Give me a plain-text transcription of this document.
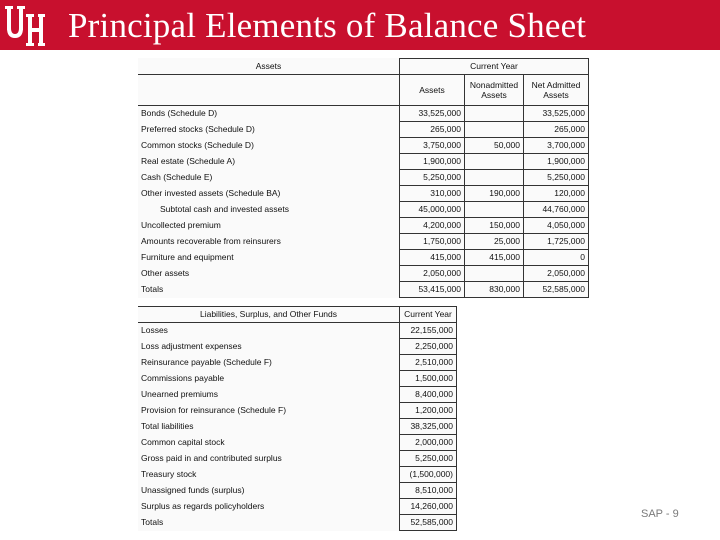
Principal Elements of Balance Sheet
Assets	Current Year		
	Assets	Nonadmitted Assets	Net Admitted Assets
Bonds (Schedule D)	33,525,000		33,525,000
Preferred stocks (Schedule D)	265,000		265,000
Common stocks (Schedule D)	3,750,000	50,000	3,700,000
Real estate (Schedule A)	1,900,000		1,900,000
Cash (Schedule E)	5,250,000		5,250,000
Other invested assets (Schedule BA)	310,000	190,000	120,000
Subtotal cash and invested assets	45,000,000		44,760,000
Uncollected premium	4,200,000	150,000	4,050,000
Amounts recoverable from reinsurers	1,750,000	25,000	1,725,000
Furniture and equipment	415,000	415,000	0
Other assets	2,050,000		2,050,000
Totals	53,415,000	830,000	52,585,000
Liabilities, Surplus, and Other Funds	Current Year
Losses	22,155,000
Loss adjustment expenses	2,250,000
Reinsurance payable (Schedule F)	2,510,000
Commissions payable	1,500,000
Unearned premiums	8,400,000
Provision for reinsurance (Schedule F)	1,200,000
Total liabilities	38,325,000
Common capital stock	2,000,000
Gross paid in and contributed surplus	5,250,000
Treasury stock	(1,500,000)
Unassigned funds (surplus)	8,510,000
Surplus as regards policyholders	14,260,000
Totals	52,585,000
SAP - 9
